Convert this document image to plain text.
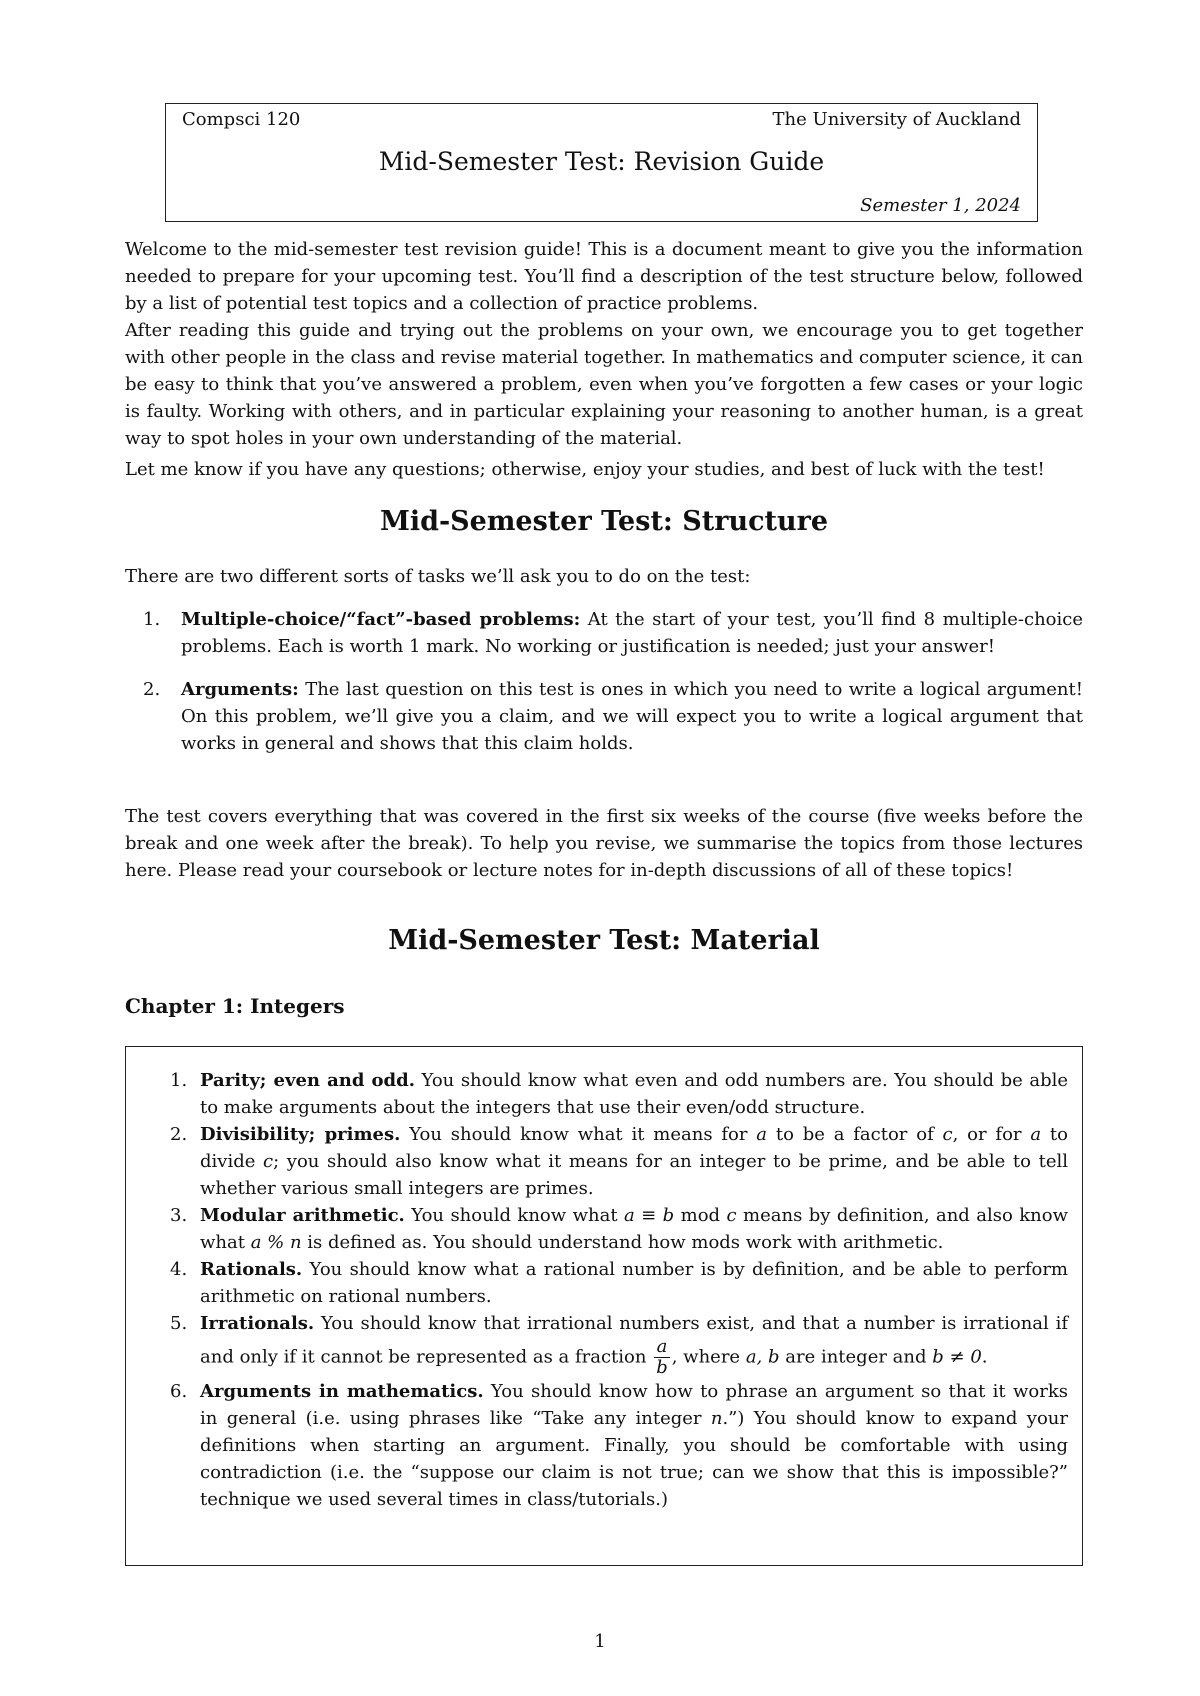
Compsci 120	The University of Auckland
Mid-Semester Test: Revision Guide
Semester 1, 2024

Welcome to the mid-semester test revision guide! This is a document meant to give you the information needed to prepare for your upcoming test. You’ll find a description of the test structure below, followed by a list of potential test topics and a collection of practice problems.

After reading this guide and trying out the problems on your own, we encourage you to get together with other people in the class and revise material together. In mathematics and computer science, it can be easy to think that you’ve answered a problem, even when you’ve forgotten a few cases or your logic is faulty. Working with others, and in particular explaining your reasoning to another human, is a great way to spot holes in your own understanding of the material.

Let me know if you have any questions; otherwise, enjoy your studies, and best of luck with the test!

Mid-Semester Test: Structure

There are two different sorts of tasks we’ll ask you to do on the test:

1. Multiple-choice/“fact”-based problems: At the start of your test, you’ll find 8 multiple-choice problems. Each is worth 1 mark. No working or justification is needed; just your answer!
2. Arguments: The last question on this test is ones in which you need to write a logical argument! On this problem, we’ll give you a claim, and we will expect you to write a logical argument that works in general and shows that this claim holds.

The test covers everything that was covered in the first six weeks of the course (five weeks before the break and one week after the break). To help you revise, we summarise the topics from those lectures here. Please read your coursebook or lecture notes for in-depth discussions of all of these topics!

Mid-Semester Test: Material
Chapter 1: Integers
1. Parity; even and odd. You should know what even and odd numbers are. You should be able to make arguments about the integers that use their even/odd structure.
2. Divisibility; primes. You should know what it means for a to be a factor of c, or for a to divide c; you should also know what it means for an integer to be prime, and be able to tell whether various small integers are primes.
3. Modular arithmetic. You should know what a ≡ b mod c means by definition, and also know what a % n is defined as. You should understand how mods work with arithmetic.
4. Rationals. You should know what a rational number is by definition, and be able to perform arithmetic on rational numbers.
5. Irrationals. You should know that irrational numbers exist, and that a number is irrational if and only if it cannot be represented as a fraction $\frac{a}{b}$ , where a, b are integer and b ≠ 0.
6. Arguments in mathematics. You should know how to phrase an argument so that it works in general (i.e. using phrases like “Take any integer n.”) You should know to expand your definitions when starting an argument. Finally, you should be comfortable with using contradiction (i.e. the “suppose our claim is not true; can we show that this is impossible?” technique we used several times in class/tutorials.)
1
